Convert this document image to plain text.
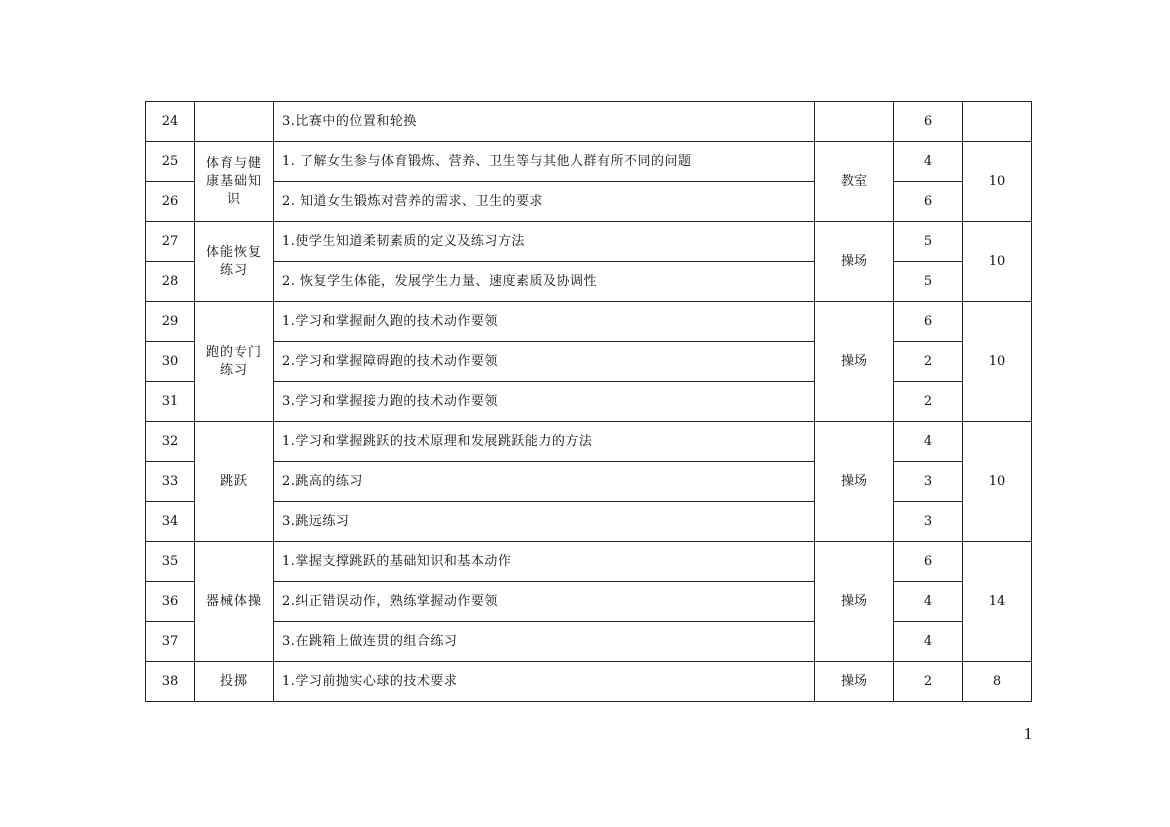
24		3.比赛中的位置和轮换		6	
25	体育与健康基础知识	1. 了解女生参与体育锻炼、营养、卫生等与其他人群有所不同的问题	教室	4	10
26		2. 知道女生锻炼对营养的需求、卫生的要求		6	
27	体能恢复练习	1.使学生知道柔韧素质的定义及练习方法	操场	5	10
28		2. 恢复学生体能，发展学生力量、速度素质及协调性		5	
29	跑的专门练习	1.学习和掌握耐久跑的技术动作要领	操场	6	10
30		2.学习和掌握障碍跑的技术动作要领		2	
31		3.学习和掌握接力跑的技术动作要领		2	
32	跳跃	1.学习和掌握跳跃的技术原理和发展跳跃能力的方法	操场	4	10
33		2.跳高的练习		3	
34		3.跳远练习		3	
35	器械体操	1.掌握支撑跳跃的基础知识和基本动作	操场	6	14
36		2.纠正错误动作，熟练掌握动作要领		4	
37		3.在跳箱上做连贯的组合练习		4	
38	投掷	1.学习前抛实心球的技术要求	操场	2	8
1
